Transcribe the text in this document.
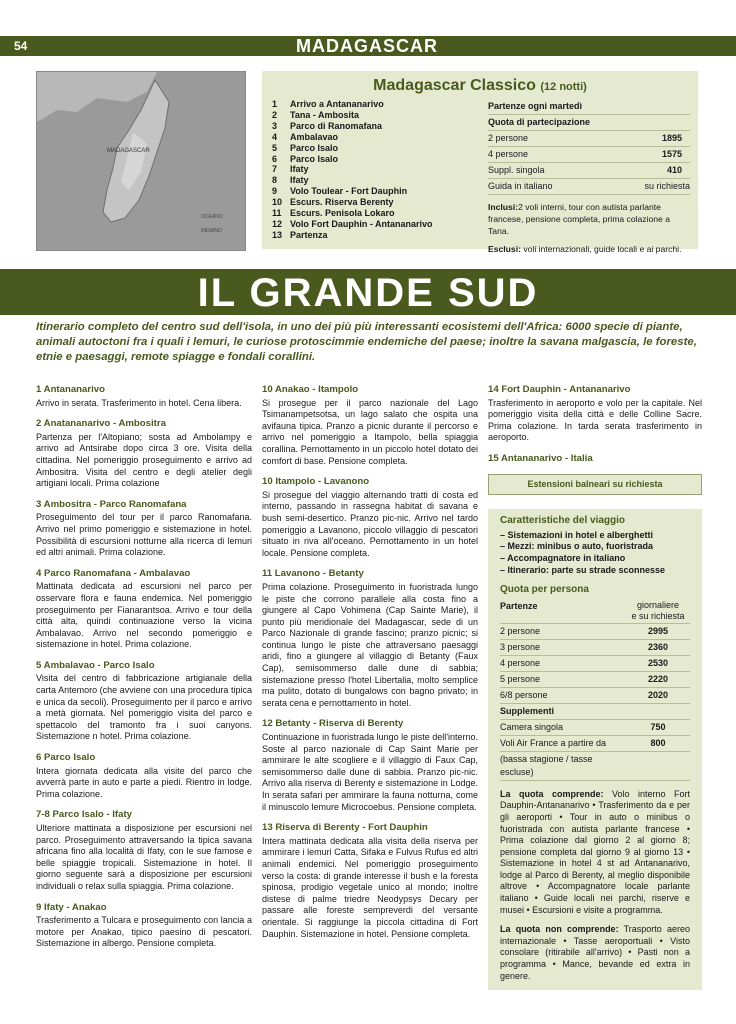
54	MADAGASCAR
MADAGASCAR
OCEANO
INDIANO
Madagascar Classico (12 notti)
1 Arrivo a Antananarivo
2 Tana - Ambosita
3 Parco di Ranomafana
4 Ambalavao
5 Parco Isalo
6 Parco Isalo
7 Ifaty
8 Ifaty
9 Volo Toulear - Fort Dauphin
10 Escurs. Riserva Berenty
11 Escurs. Penisola Lokaro
12 Volo Fort Dauphin - Antananarivo
13 Partenza
Partenze ogni martedì
Quota di partecipazione
2 persone	1895
4 persone	1575
Suppl. singola	410
Guida in italiano	su richiesta
Inclusi:2 voli interni, tour con autista parlante francese, pensione completa, prima colazione a Tana.
Esclusi: voli internazionali, guide locali e ai parchi.
IL GRANDE SUD
Itinerario completo del centro sud dell'isola, in uno dei più più interessanti ecosistemi dell'Africa: 6000 specie di piante, animali autoctoni fra i quali i lemuri, le curiose protoscimmie endemiche del paese; inoltre la savana malgascia, le foreste, etnie e paesaggi, remote spiagge e fondali corallini.
1 Antananarivo

Arrivo in serata. Trasferimento in hotel. Cena libera.

2 Anatananarivo - Ambositra

Partenza per l'Altopiano; sosta ad Ambolampy e arrivo ad Antsirabe dopo circa 3 ore. Visita della cittadina. Nel pomeriggio proseguimento e arrivo ad Ambositra. Visita del centro e degli atelier degli artigiani locali. Prima colazione

3 Ambositra - Parco Ranomafana

Proseguimento del tour per il parco Ranomafana. Arrivo nel primo pomeriggio e sistemazione in hotel. Possibilità di escursioni notturne alla ricerca di lemuri ed altri animali. Prima colazione.

4 Parco Ranomafana - Ambalavao

Mattinata dedicata ad escursioni nel parco per osservare flora e fauna endemica. Nel pomeriggio proseguimento per Fianarantsoa. Arrivo e tour della città alta, quindi continuazione verso la vicina Ambalavao. Arrivo nel secondo pomeriggio e sistemazione in hotel. Prima colazione.

5 Ambalavao - Parco Isalo

Visita del centro di fabbricazione artigianale della carta Antemoro (che avviene con una procedura tipica e unica da secoli). Proseguimento per il parco e arrivo a metà giornata. Nel pomeriggio visita del parco e spettacolo del tramonto fra i suoi canyons. Sistemazione n hotel. Prima colazione.

6 Parco Isalo

Intera giornata dedicata alla visite del parco che avverrà parte in auto e parte a piedi. Rientro in lodge. Prima colazione.

7-8 Parco Isalo - Ifaty

Ulteriore mattinata a disposizione per escursioni nel parco. Proseguimento attraversando la tipica savana africana fino alla località di Ifaty, con le sue famose e belle spiaggie tropicali. Sistemazione in hotel. Il giorno seguente sarà a disposizione per escursioni individuali o relax sulla spiaggia. Prima colazione.

9 Ifaty - Anakao

Trasferimento a Tulcara e proseguimento con lancia a motore per Anakao, tipico paesino di pescatori. Sistemazione in albergo. Pensione completa.

10 Anakao - Itampolo

Si prosegue per il parco nazionale del Lago Tsimanampetsotsa, un lago salato che ospita una avifauna tipica. Pranzo a picnic durante il percorso e arrivo nel pomeriggio a Itampolo, bella spiaggia corallina. Pernottamento in un piccolo hotel dotato dei comfort di base. Pensione completa.

10 Itampolo - Lavanono

Si prosegue del viaggio alternando tratti di costa ed interno, passando in rassegna habitat di savana e bush semi-desertico. Pranzo pic-nic. Arrivo nel tardo pomeriggio a Lavanono, piccolo villaggio di pescatori situato in riva all'oceano. Pernottamento in un hotel locale. Pensione completa.

11 Lavanono - Betanty

Prima colazione. Proseguimento in fuoristrada lungo le piste che corrono parallele alla costa fino a giungere al Capo Vohimena (Cap Sainte Marie), il punto più meridionale del Madagascar, sede di un Parco Nazionale di grande fascino; pranzo picnic; si continua lungo le piste che attraversano paesaggi aridi, fino a giungere al villaggio di Betanty (Faux Cap), semisommerso dalle dune di sabbia; sistemazione presso l'hotel Libertalia, molto semplice ma pulito, dotato di bungalows con bagno privato; in serata cena e pernottamento in hotel.

12 Betanty - Riserva di Berenty

Continuazione in fuoristrada lungo le piste dell'interno. Soste al parco nazionale di Cap Saint Marie per ammirare le alte scogliere e il villaggio di Faux Cap, semisommerso dalle dune di sabbia. Pranzo pic-nic. Arrivo alla riserva di Berenty e sistemazione in Lodge. In serata safari per ammirare la fauna notturna, come il minuscolo lemure Microcoebus. Pensione completa.

13 Riserva di Berenty - Fort Dauphin

Intera mattinata dedicata alla visita della riserva per ammirare i lemuri Catta, Sifaka e Fulvus Rufus ed altri animali endemici. Nel pomeriggio proseguimento verso la costa: di grande interesse il bush e la foresta spinosa, prodigio vegetale unico al mondo; inoltre distese di palme triedre Neodypsys Decary per passare alle foreste sempreverdi del versante orientale. Si raggiunge la piccola cittadina di Fort Dauphin. Sistemazione in hotel. Pensione completa.

14 Fort Dauphin - Antananarivo

Trasferimento in aeroporto e volo per la capitale. Nel pomeriggio visita della città e delle Colline Sacre. Prima colazione. In tarda serata trasferimento in aeroporto.

15 Antananarivo - Italia
Estensioni balneari su richiesta
Caratteristiche del viaggio
– Sistemazioni in hotel e alberghetti
– Mezzi: minibus o auto, fuoristrada
– Accompagnatore in italiano
– Itinerario: parte su strade sconnesse
Quota per persona
Partenze	giornaliere
e su richiesta
2 persone	2995
3 persone	2360
4 persone	2530
5 persone	2220
6/8 persone	2020
Supplementi
Camera singola	750
Voli Air France a partire da	800
(bassa stagione / tasse escluse)

La quota comprende: Volo interno Fort Dauphin-Antananarivo • Trasferimento da e per gli aeroporti • Tour in auto o minibus o fuoristrada con autista parlante francese • Prima colazione dal giorno 2 al giorno 8; pensione completa dal giorno 9 al giorno 13 • Sistemazione in hotel 4 st ad Antananarivo, lodge al Parco di Berenty, al meglio disponibile altrove • Accompagnatore locale parlante italiano • Guide locali nei parchi, riserve e musei • Escursioni e visite a programma.

La quota non comprende: Trasporto aereo internazionale • Tasse aeroportuali • Visto consolare (ritirabile all'arrivo) • Pasti non a programma • Mance, bevande ed extra in genere.
